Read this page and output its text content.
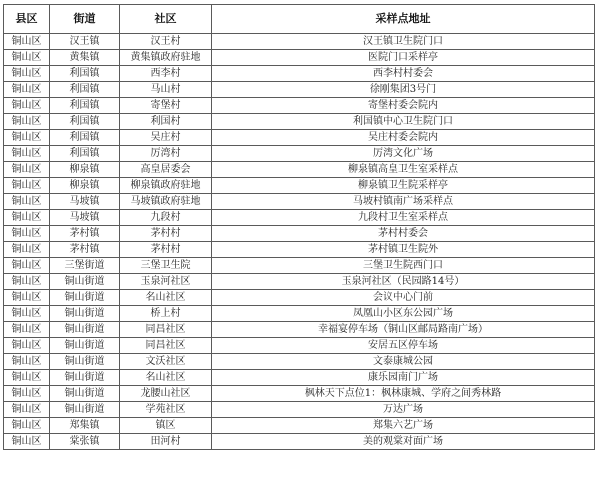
县区	街道	社区	采样点地址
铜山区	汉王镇	汉王村	汉王镇卫生院门口
铜山区	黄集镇	黄集镇政府驻地	医院门口采样亭
铜山区	利国镇	西李村	西李村村委会
铜山区	利国镇	马山村	徐刚集团3号门
铜山区	利国镇	寄堡村	寄堡村委会院内
铜山区	利国镇	利国村	利国镇中心卫生院门口
铜山区	利国镇	吴庄村	吴庄村委会院内
铜山区	利国镇	厉湾村	厉湾文化广场
铜山区	柳泉镇	高皇居委会	柳泉镇高皇卫生室采样点
铜山区	柳泉镇	柳泉镇政府驻地	柳泉镇卫生院采样亭
铜山区	马坡镇	马坡镇政府驻地	马坡村镇南广场采样点
铜山区	马坡镇	九段村	九段村卫生室采样点
铜山区	茅村镇	茅村村	茅村村委会
铜山区	茅村镇	茅村村	茅村镇卫生院外
铜山区	三堡街道	三堡卫生院	三堡卫生院西门口
铜山区	铜山街道	玉泉河社区	玉泉河社区（民园路14号）
铜山区	铜山街道	名山社区	会议中心门前
铜山区	铜山街道	桥上村	凤凰山小区东公园广场
铜山区	铜山街道	同昌社区	幸福宴停车场（铜山区邮局路南广场）
铜山区	铜山街道	同昌社区	安居五区停车场
铜山区	铜山街道	文沃社区	文泰康城公园
铜山区	铜山街道	名山社区	康乐园南门广场
铜山区	铜山街道	龙腰山社区	枫林天下点位1：枫林康城、学府之间秀林路
铜山区	铜山街道	学苑社区	万达广场
铜山区	郑集镇	镇区	郑集六艺广场
铜山区	棠张镇	田河村	美的观棠对面广场
